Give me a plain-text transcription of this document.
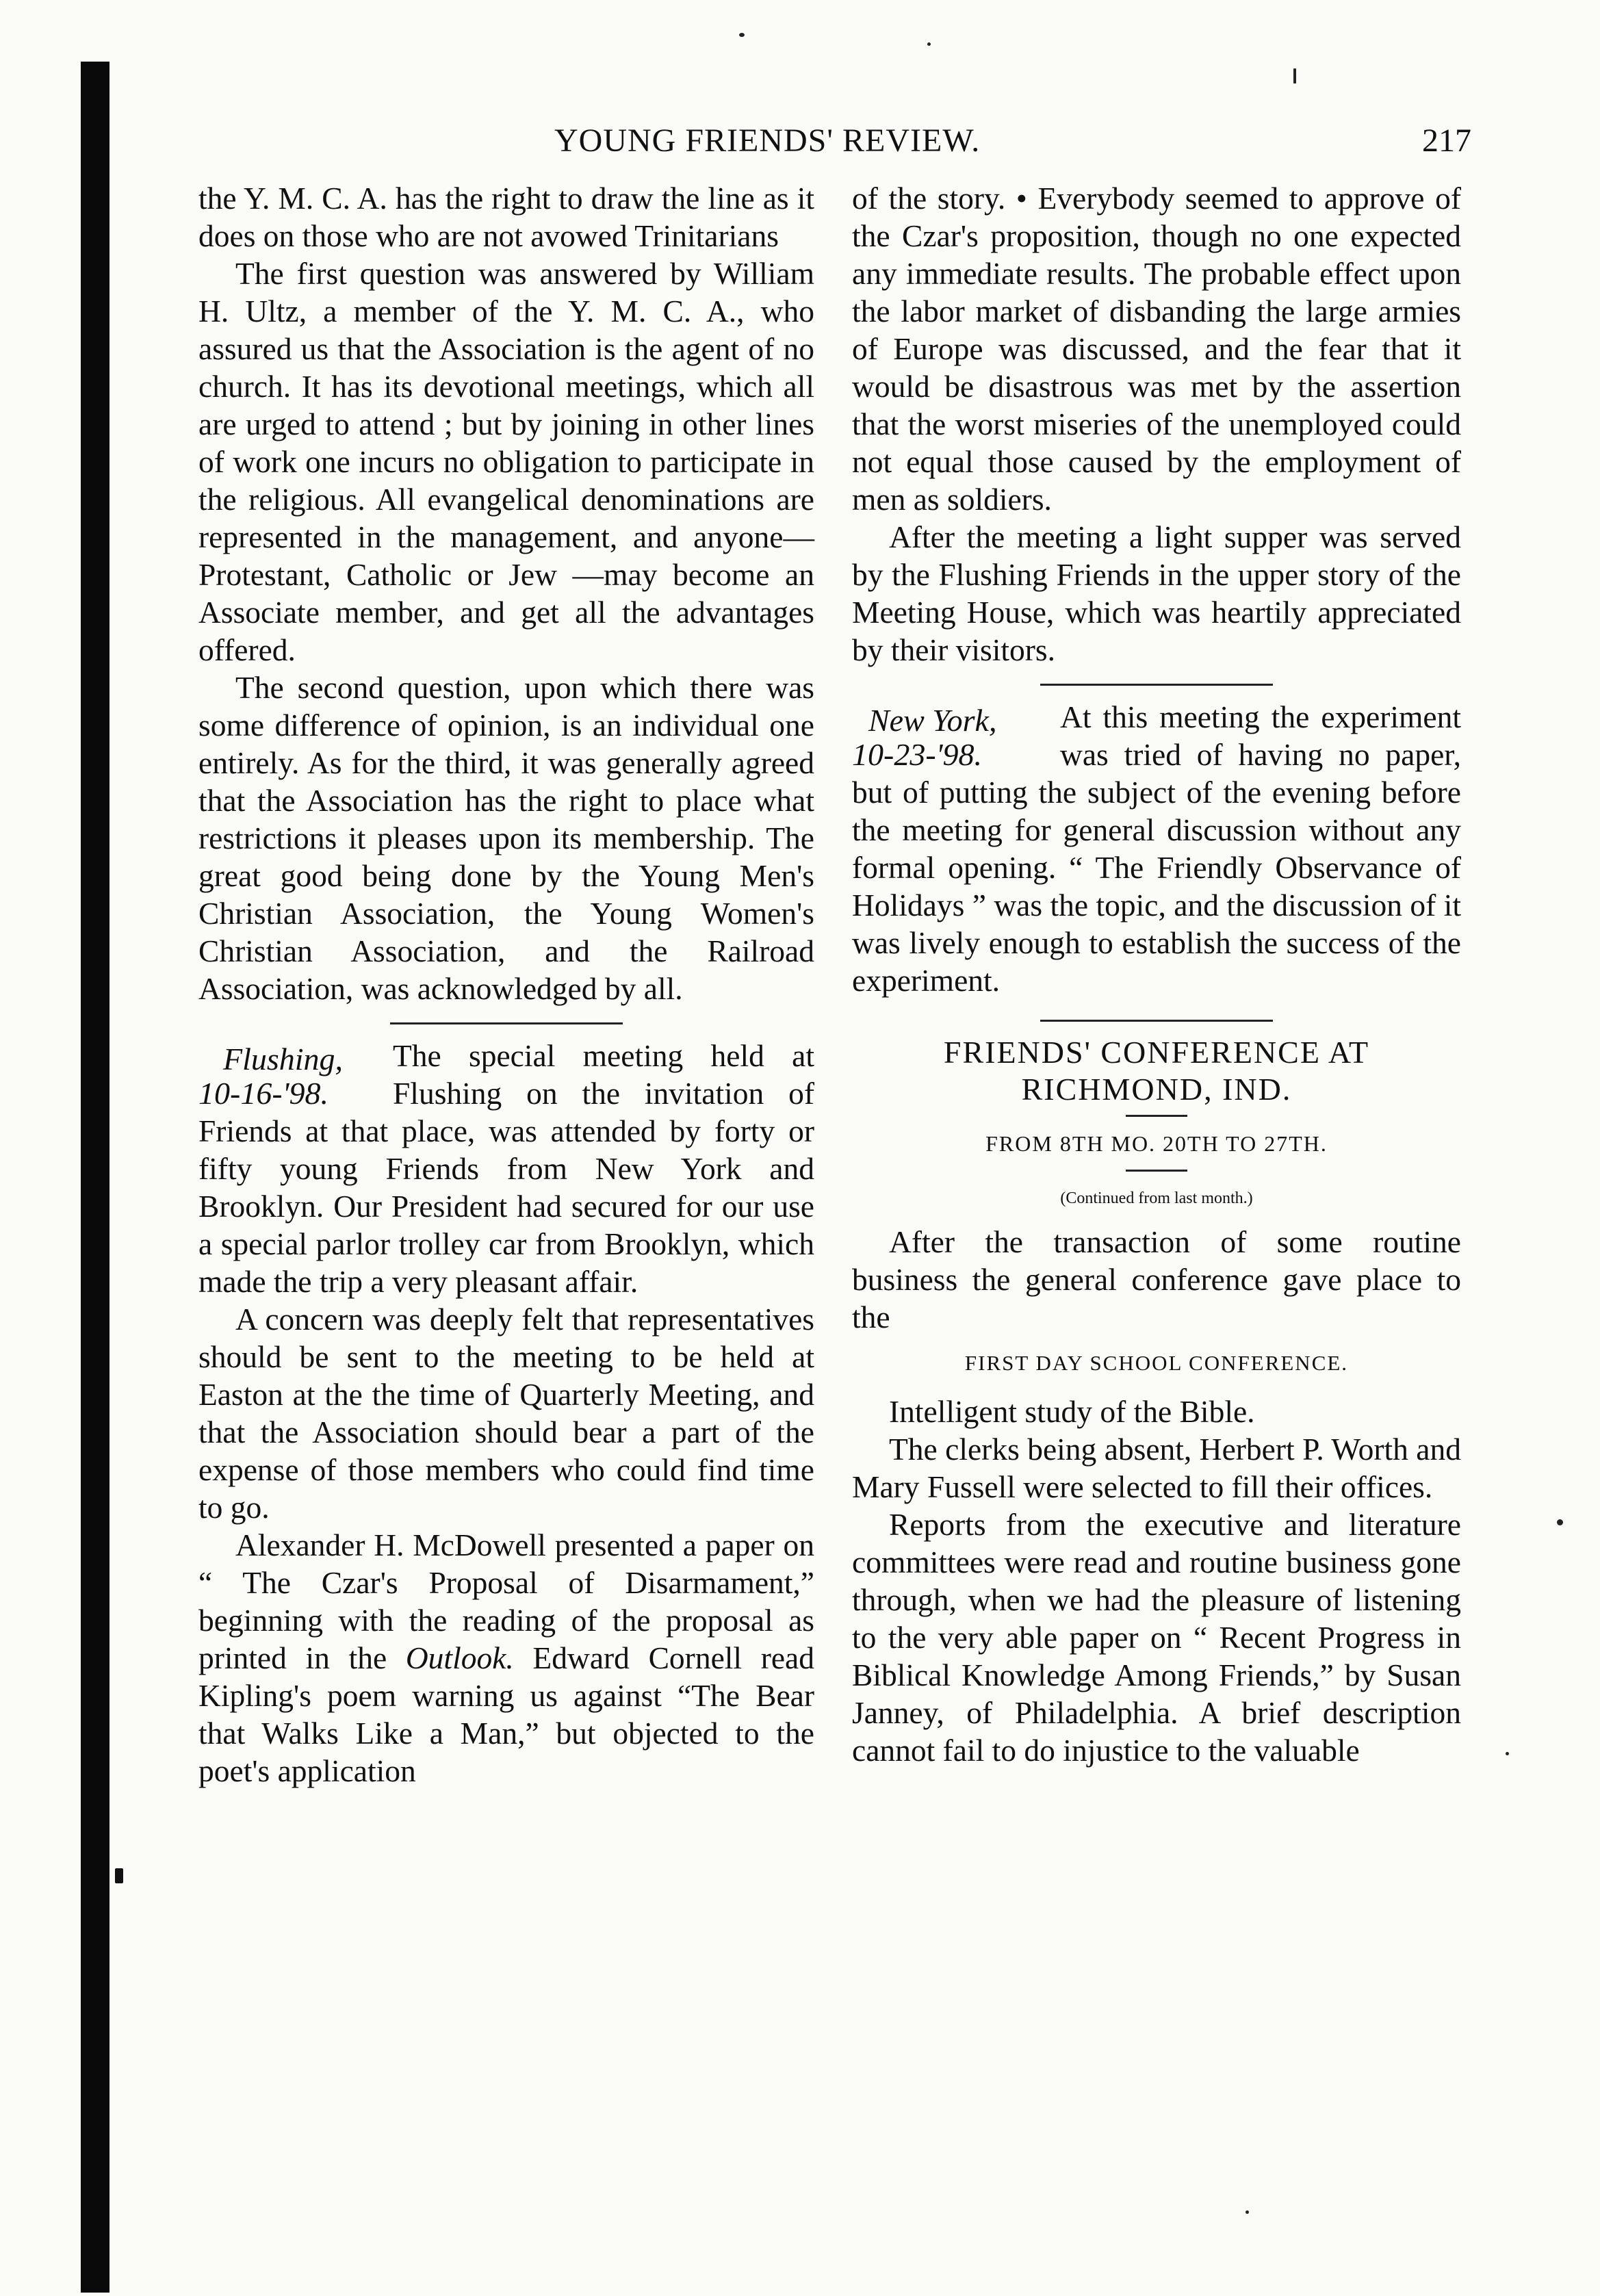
YOUNG FRIENDS' REVIEW.	217

the Y. M. C. A. has the right to draw the line as it does on those who are not avowed Trinitarians

The first question was answered by William H. Ultz, a member of the Y. M. C. A., who assured us that the Association is the agent of no church. It has its devotional meetings, which all are urged to attend ; but by joining in other lines of work one incurs no obligation to participate in the religious. All evangelical denominations are represented in the management, and anyone—Protestant, Catholic or Jew —may become an Associate member, and get all the advantages offered.

The second question, upon which there was some difference of opinion, is an individual one entirely. As for the third, it was generally agreed that the Association has the right to place what restrictions it pleases upon its membership. The great good being done by the Young Men's Christian Association, the Young Women's Christian Association, and the Railroad Association, was acknowledged by all.

Flushing,
10-16-'98.

The special meeting held at Flushing on the invitation of Friends at that place, was attended by forty or fifty young Friends from New York and Brooklyn. Our President had secured for our use a special parlor trolley car from Brooklyn, which made the trip a very pleasant affair.

A concern was deeply felt that representatives should be sent to the meeting to be held at Easton at the the time of Quarterly Meeting, and that the Association should bear a part of the expense of those members who could find time to go.

Alexander H. McDowell presented a paper on “ The Czar's Proposal of Disarmament,” beginning with the reading of the proposal as printed in the Outlook. Edward Cornell read Kipling's poem warning us against “The Bear that Walks Like a Man,” but objected to the poet's application

of the story. • Everybody seemed to approve of the Czar's proposition, though no one expected any immediate results. The probable effect upon the labor market of disbanding the large armies of Europe was discussed, and the fear that it would be disastrous was met by the assertion that the worst miseries of the unemployed could not equal those caused by the employment of men as soldiers.

After the meeting a light supper was served by the Flushing Friends in the upper story of the Meeting House, which was heartily appreciated by their visitors.

New York,
10-23-'98.

At this meeting the experiment was tried of having no paper, but of putting the subject of the evening before the meeting for general discussion without any formal opening. “ The Friendly Observance of Holidays ” was the topic, and the discussion of it was lively enough to establish the success of the experiment.

FRIENDS' CONFERENCE AT
RICHMOND, IND.
FROM 8TH MO. 20TH TO 27TH.
(Continued from last month.)

After the transaction of some routine business the general conference gave place to the

FIRST DAY SCHOOL CONFERENCE.

Intelligent study of the Bible.

The clerks being absent, Herbert P. Worth and Mary Fussell were selected to fill their offices.

Reports from the executive and literature committees were read and routine business gone through, when we had the pleasure of listening to the very able paper on “ Recent Progress in Biblical Knowledge Among Friends,” by Susan Janney, of Philadelphia. A brief description cannot fail to do injustice to the valuable
